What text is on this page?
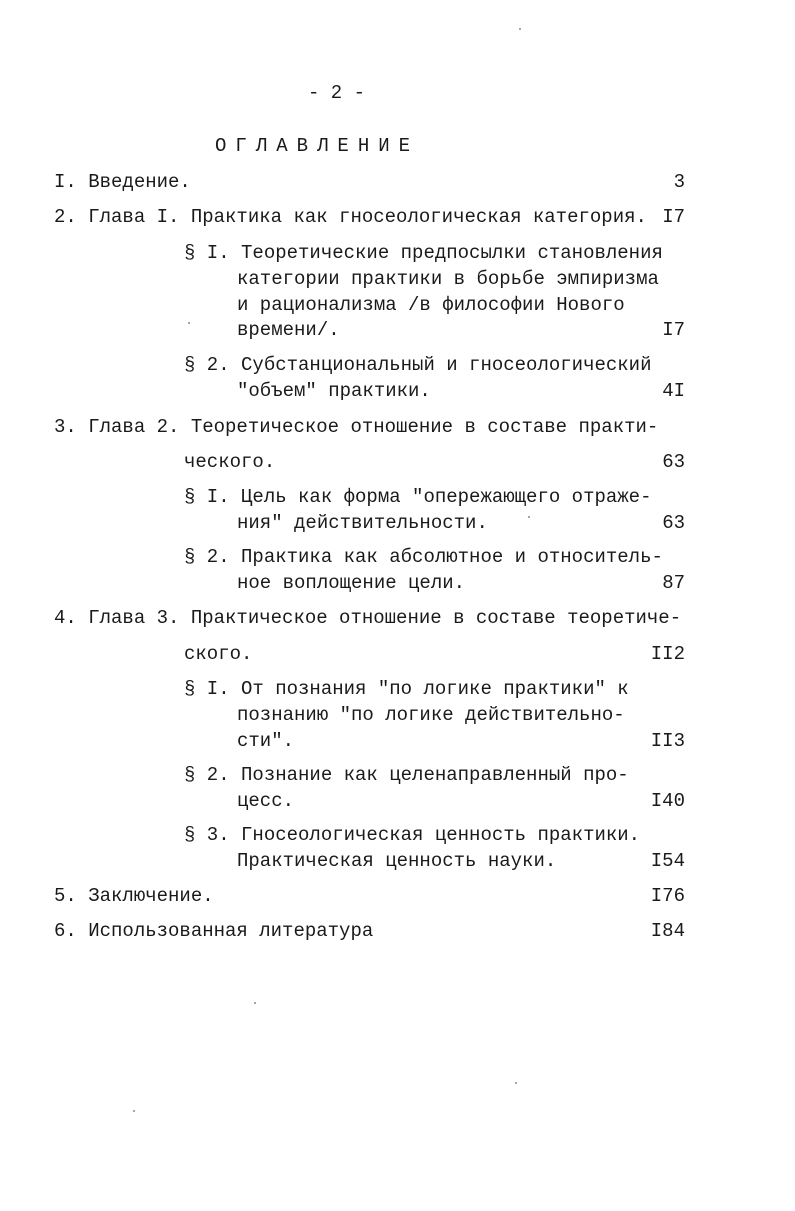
- 2 -
ОГЛАВЛЕНИЕ
I. Введение.	3
2. Глава I. Практика как гносеологическая категория. I7
§ I. Теоретические предпосылки становления
категории практики в борьбе эмпиризма
и рационализма /в философии Нового
времени/.	I7
§ 2. Субстанциональный и гносеологический
"объем" практики.	4I
3. Глава 2. Теоретическое отношение в составе практи-
ческого.	63
§ I. Цель как форма "опережающего отраже-
ния" действительности.	63
§ 2. Практика как абсолютное и относитель-
ное воплощение цели.	87
4. Глава 3. Практическое отношение в составе теоретиче-
ского.	II2
§ I. От познания "по логике практики" к
познанию "по логике действительно-
сти".	II3
§ 2. Познание как целенаправленный про-
цесс.	I40
§ 3. Гносеологическая ценность практики.
Практическая ценность науки.	I54
5. Заключение.	I76
6. Использованная литература	I84
